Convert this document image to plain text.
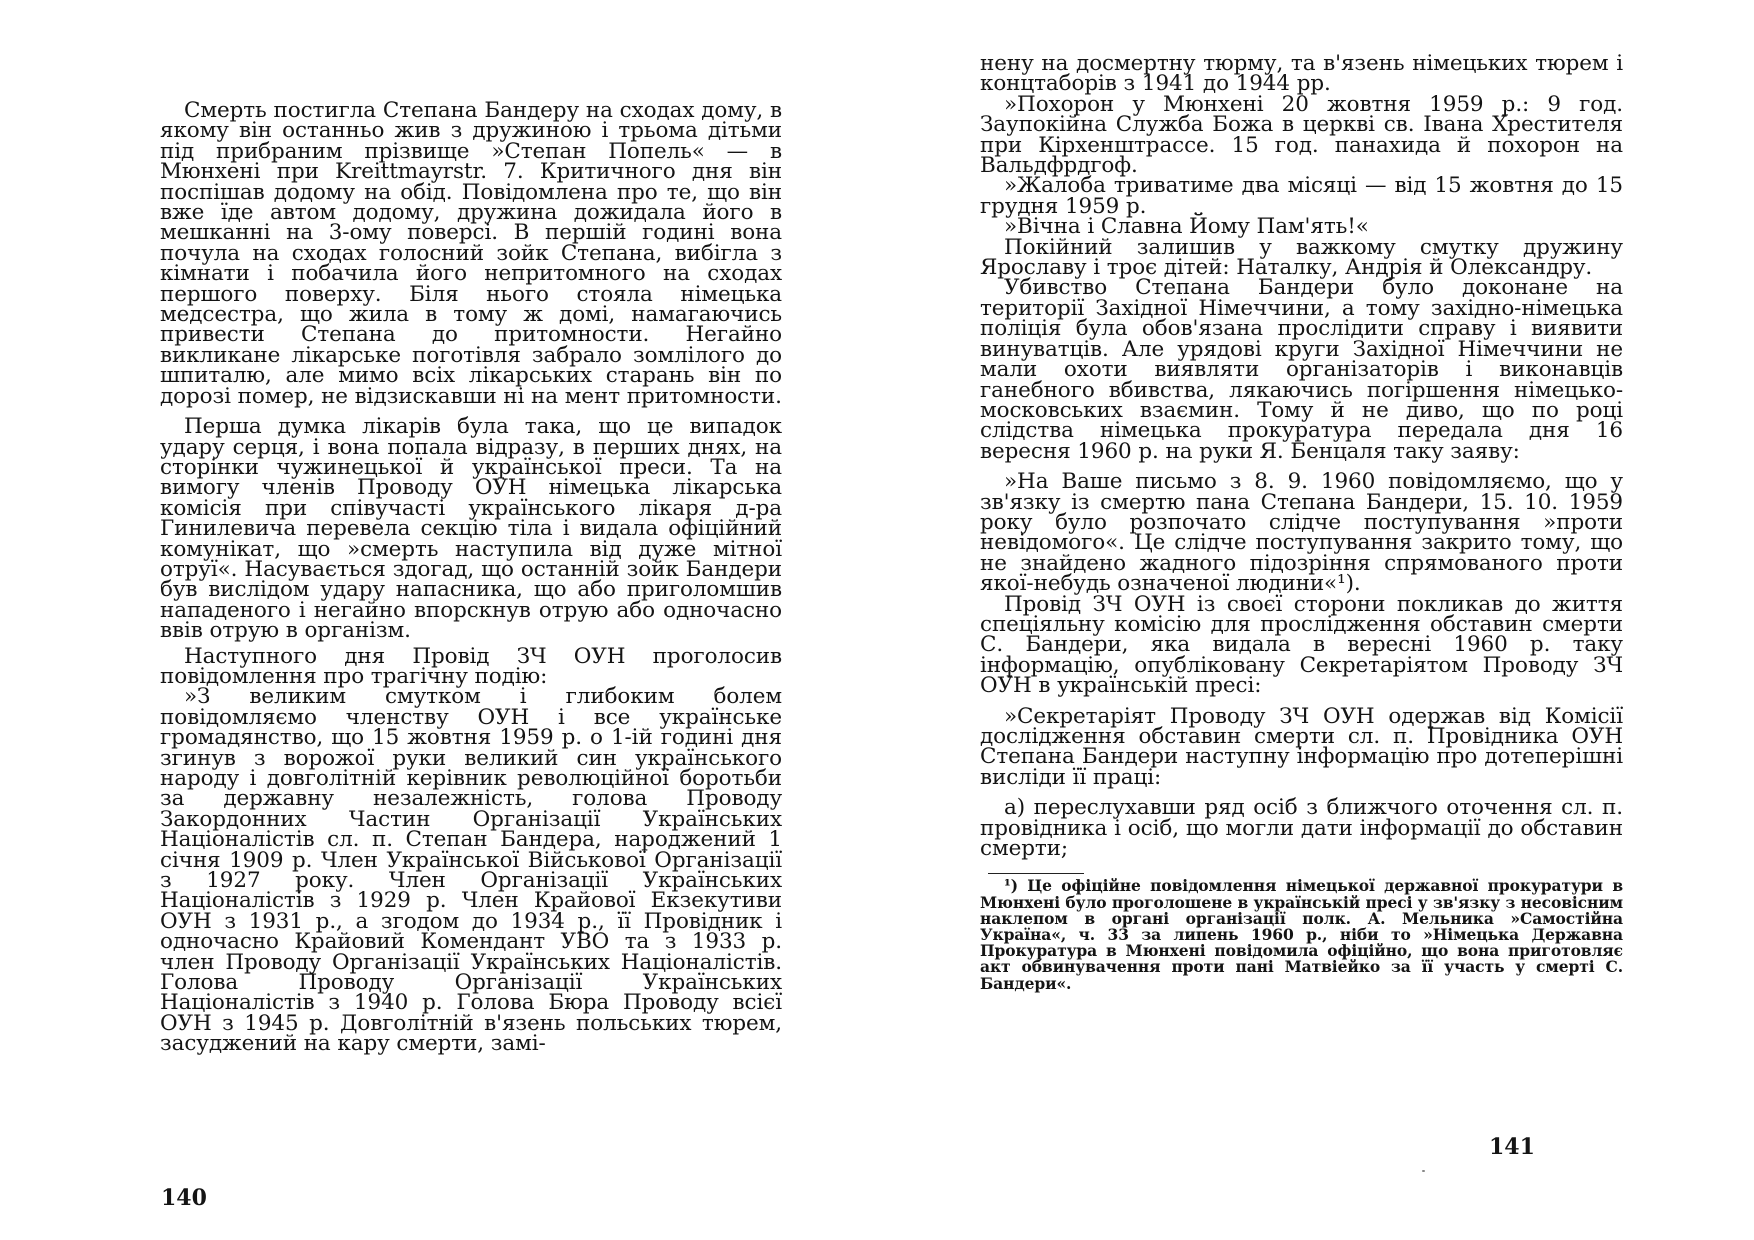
Смерть постигла Степана Бандеру на сходах дому, в якому він останньо жив з дружиною і трьома дітьми під прибраним прізвище »Степан Попель« — в Мюнхені при Kreittmayrstr. 7. Критичного дня він поспішав додому на обід. Повідомлена про те, що він вже їде автом додому, дружина дожидала його в мешканні на 3-ому поверсі. В першій годині вона почула на сходах голосний зойк Степана, вибігла з кімнати і побачила його непритомного на сходах першого поверху. Біля нього стояла німецька медсестра, що жила в тому ж домі, намагаючись привести Степана до притомности. Негайно викликане лікарське поготівля забрало зомлілого до шпиталю, але мимо всіх лікарських старань він по дорозі помер, не відзискавши ні на мент притомности.

Перша думка лікарів була така, що це випадок удару серця, і вона попала відразу, в перших днях, на сторінки чужинецької й української преси. Та на вимогу членів Проводу ОУН німецька лікарська комісія при співучасті українського лікаря д-ра Гинилевича перевела секцію тіла і видала офіційний комунікат, що »смерть наступила від дуже мітної отруї«. Насувається здогад, що останній зойк Бандери був вислідом удару напасника, що або приголомшив нападеного і негайно впорскнув отрую або одночасно ввів отрую в організм.

Наступного дня Провід ЗЧ ОУН проголосив повідомлення про трагічну подію:

»З великим смутком і глибоким болем повідомляємо членству ОУН і все українське громадянство, що 15 жовтня 1959 р. о 1-ій годині дня згинув з ворожої руки великий син українського народу і довголітній керівник революційної боротьби за державну незалежність, голова Проводу Закордонних Частин Організації Українських Націоналістів сл. п. Степан Бандера, народжений 1 січня 1909 р. Член Української Військової Організації з 1927 року. Член Організації Українських Націоналістів з 1929 р. Член Крайової Екзекутиви ОУН з 1931 р., а згодом до 1934 р., її Провідник і одночасно Крайовий Комендант УВО та з 1933 р. член Проводу Організації Українських Націоналістів. Голова Проводу Організації Українських Націоналістів з 1940 р. Голова Бюра Проводу всієї ОУН з 1945 р. Довголітній в'язень польських тюрем, засуджений на кару смерти, замі-

140

нену на досмертну тюрму, та в'язень німецьких тюрем і концтаборів з 1941 до 1944 рр.

»Похорон у Мюнхені 20 жовтня 1959 р.: 9 год. Заупокійна Служба Божа в церкві св. Івана Хрестителя при Кірхенштрассе. 15 год. панахида й похорон на Вальдфрдгоф.

»Жалоба триватиме два місяці — від 15 жовтня до 15 грудня 1959 р.

»Вічна і Славна Йому Пам'ять!«

Покійний залишив у важкому смутку дружину Ярославу і троє дітей: Наталку, Андрія й Олександру.

Убивство Степана Бандери було доконане на території Західної Німеччини, а тому західно-німецька поліція була обов'язана прослідити справу і виявити винуватців. Але урядові круги Західної Німеччини не мали охоти виявляти організаторів і виконавців ганебного вбивства, лякаючись погіршення німецько-московських взаємин. Тому й не диво, що по році слідства німецька прокуратура передала дня 16 вересня 1960 р. на руки Я. Бенцаля таку заяву:

»На Ваше письмо з 8. 9. 1960 повідомляємо, що у зв'язку із смертю пана Степана Бандери, 15. 10. 1959 року було розпочато слідче поступування »проти невідомого«. Це слідче поступування закрито тому, що не знайдено жадного підозріння спрямованого проти якої-небудь означеної людини«¹).

Провід ЗЧ ОУН із своєї сторони покликав до життя спеціяльну комісію для прослідження обставин смерти С. Бандери, яка видала в вересні 1960 р. таку інформацію, опубліковану Секретаріятом Проводу ЗЧ ОУН в українській пресі:

»Секретаріят Проводу ЗЧ ОУН одержав від Комісії дослідження обставин смерти сл. п. Провідника ОУН Степана Бандери наступну інформацію про дотеперішні висліди її праці:

а) переслухавши ряд осіб з ближчого оточення сл. п. провідника і осіб, що могли дати інформації до обставин смерти;

¹) Це офіційне повідомлення німецької державної прокуратури в Мюнхені було проголошене в українській пресі у зв'язку з несовісним наклепом в органі організації полк. А. Мельника »Самостійна Україна«, ч. 33 за липень 1960 р., ніби то »Німецька Державна Прокуратура в Мюнхені повідомила офіційно, що вона приготовляє акт обвинувачення проти пані Матвіейко за її участь у смерті С. Бандери«.

141
